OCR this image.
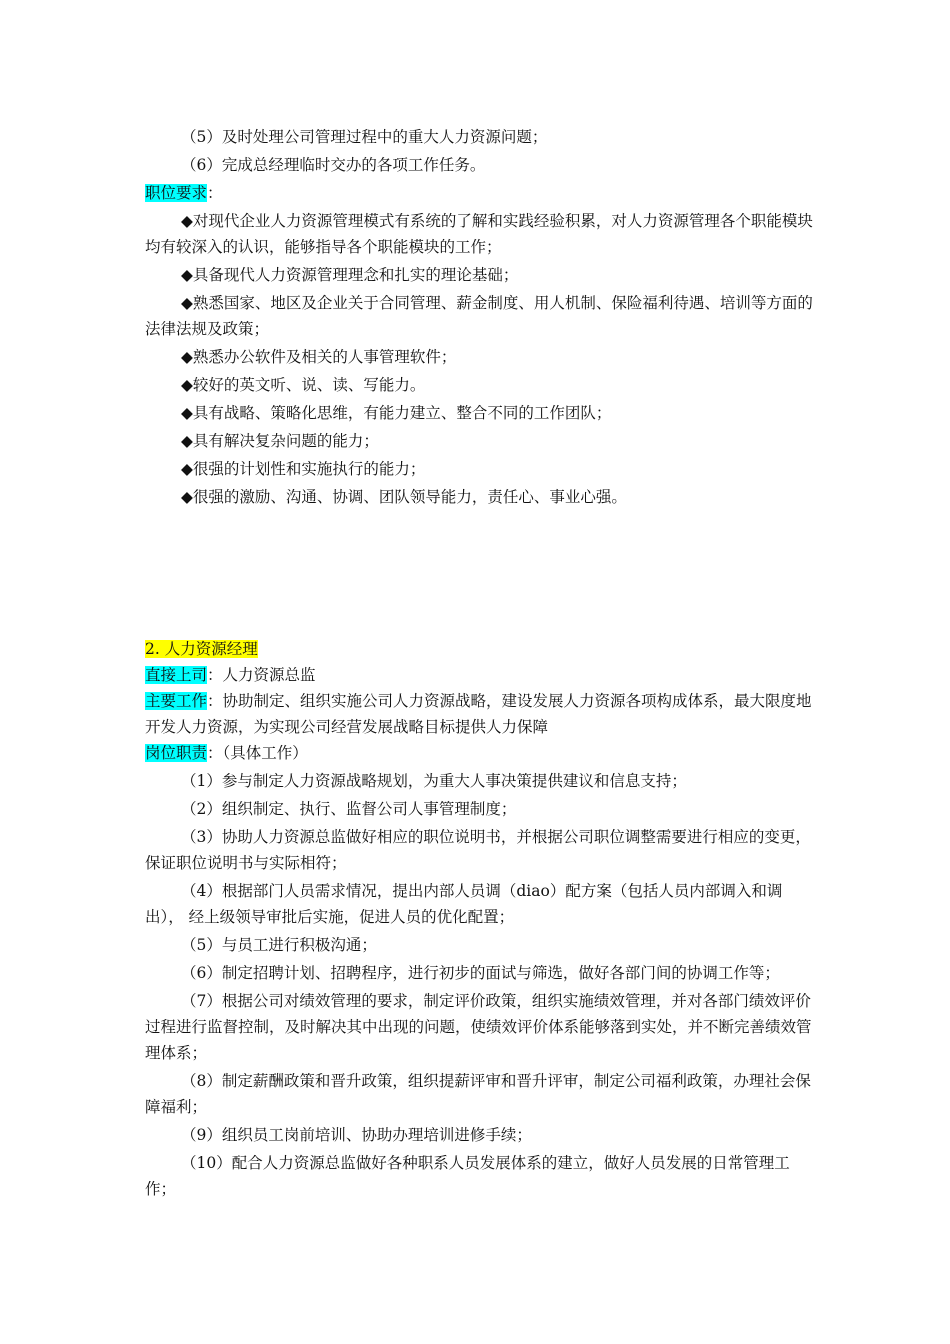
（5）及时处理公司管理过程中的重大人力资源问题；

（6）完成总经理临时交办的各项工作任务。

职位要求：

◆对现代企业人力资源管理模式有系统的了解和实践经验积累，对人力资源管理各个职能模块均有较深入的认识，能够指导各个职能模块的工作；

◆具备现代人力资源管理理念和扎实的理论基础；

◆熟悉国家、地区及企业关于合同管理、薪金制度、用人机制、保险福利待遇、培训等方面的法律法规及政策；

◆熟悉办公软件及相关的人事管理软件；

◆较好的英文听、说、读、写能力。

◆具有战略、策略化思维，有能力建立、整合不同的工作团队；

◆具有解决复杂问题的能力；

◆很强的计划性和实施执行的能力；

◆很强的激励、沟通、协调、团队领导能力，责任心、事业心强。

2. 人力资源经理

直接上司：人力资源总监

主要工作：协助制定、组织实施公司人力资源战略，建设发展人力资源各项构成体系，最大限度地开发人力资源，为实现公司经营发展战略目标提供人力保障

岗位职责：（具体工作）

（1）参与制定人力资源战略规划，为重大人事决策提供建议和信息支持；

（2）组织制定、执行、监督公司人事管理制度；

（3）协助人力资源总监做好相应的职位说明书，并根据公司职位调整需要进行相应的变更，保证职位说明书与实际相符；

（4）根据部门人员需求情况，提出内部人员调（diao）配方案（包括人员内部调入和调出）， 经上级领导审批后实施，促进人员的优化配置；

（5）与员工进行积极沟通；

（6）制定招聘计划、招聘程序，进行初步的面试与筛选，做好各部门间的协调工作等；

（7）根据公司对绩效管理的要求，制定评价政策，组织实施绩效管理，并对各部门绩效评价过程进行监督控制，及时解决其中出现的问题，使绩效评价体系能够落到实处，并不断完善绩效管理体系；

（8）制定薪酬政策和晋升政策，组织提薪评审和晋升评审，制定公司福利政策，办理社会保障福利；

（9）组织员工岗前培训、协助办理培训进修手续；

（10）配合人力资源总监做好各种职系人员发展体系的建立，做好人员发展的日常管理工作；
